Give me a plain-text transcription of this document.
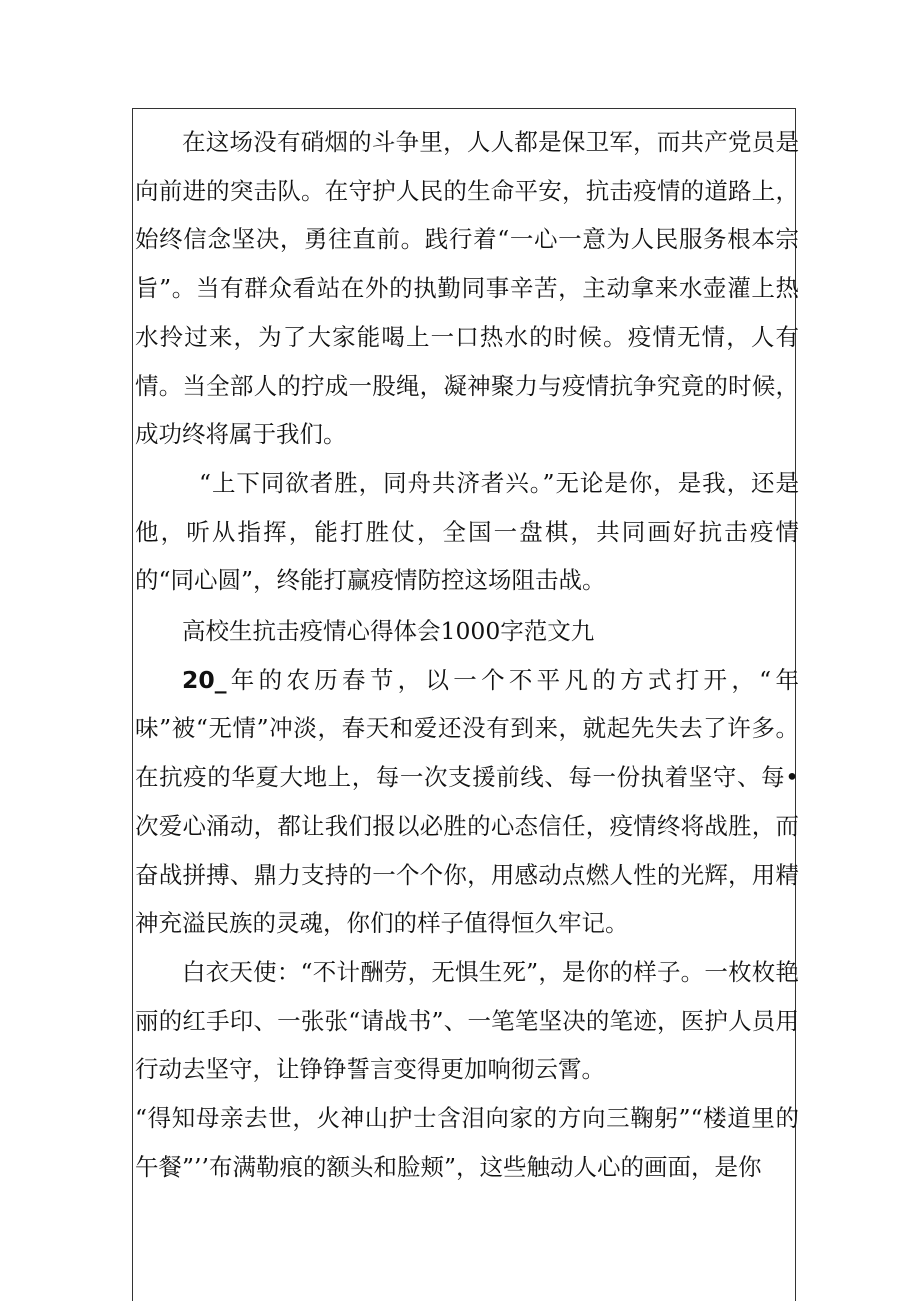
在这场没有硝烟的斗争里，人人都是保卫军，而共产党员是向前进的突击队。在守护人民的生命平安，抗击疫情的道路上，始终信念坚决，勇往直前。践行着“一心一意为人民服务根本宗旨”。当有群众看站在外的执勤同事辛苦，主动拿来水壶灌上热水拎过来，为了大家能喝上一口热水的时候。疫情无情，人有情。当全部人的拧成一股绳，凝神聚力与疫情抗争究竟的时候，成功终将属于我们。

“上下同欲者胜，同舟共济者兴。”无论是你，是我，还是他，听从指挥，能打胜仗，全国一盘棋，共同画好抗击疫情的“同心圆”，终能打赢疫情防控这场阻击战。

高校生抗击疫情心得体会1000字范文九

20_年的农历春节，以一个不平凡的方式打开，“年味”被“无情”冲淡，春天和爱还没有到来，就起先失去了许多。在抗疫的华夏大地上，每一次支援前线、每一份执着坚守、每•次爱心涌动，都让我们报以必胜的心态信任，疫情终将战胜，而奋战拼搏、鼎力支持的一个个你，用感动点燃人性的光辉，用精神充溢民族的灵魂，你们的样子值得恒久牢记。

白衣天使：“不计酬劳，无惧生死”，是你的样子。一枚枚艳丽的红手印、一张张“请战书”、一笔笔坚决的笔迹，医护人员用行动去坚守，让铮铮誓言变得更加响彻云霄。

“得知母亲去世，火神山护士含泪向家的方向三鞠躬”“楼道里的午餐”’’布满勒痕的额头和脸颊”，这些触动人心的画面，是你
